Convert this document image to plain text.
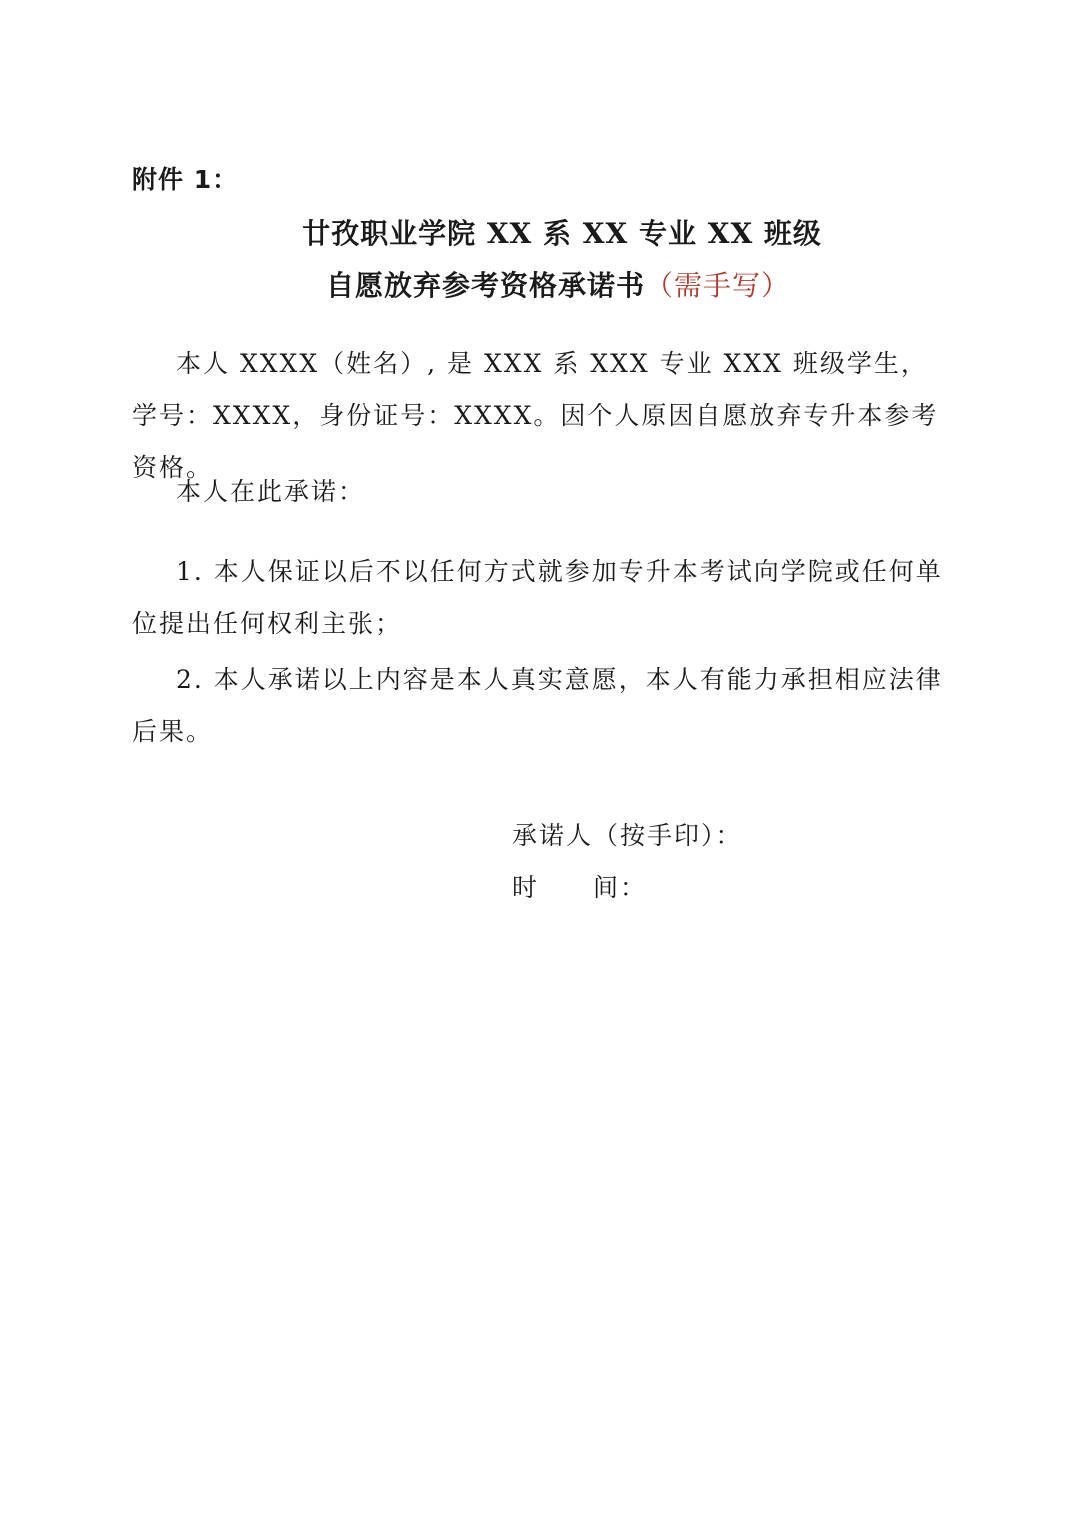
附件 1：
廿孜职业学院 XX 系 XX 专业 XX 班级
自愿放弃参考资格承诺书（需手写）

本人 XXXX（姓名）, 是 XXX 系 XXX 专业 XXX 班级学生，学号：XXXX，身份证号：XXXX。因个人原因自愿放弃专升本参考资格。

本人在此承诺：

1. 本人保证以后不以任何方式就参加专升本考试向学院或任何单位提出任何权利主张；

2. 本人承诺以上内容是本人真实意愿，本人有能力承担相应法律后果。

承诺人（按手印）：
时　　间：
